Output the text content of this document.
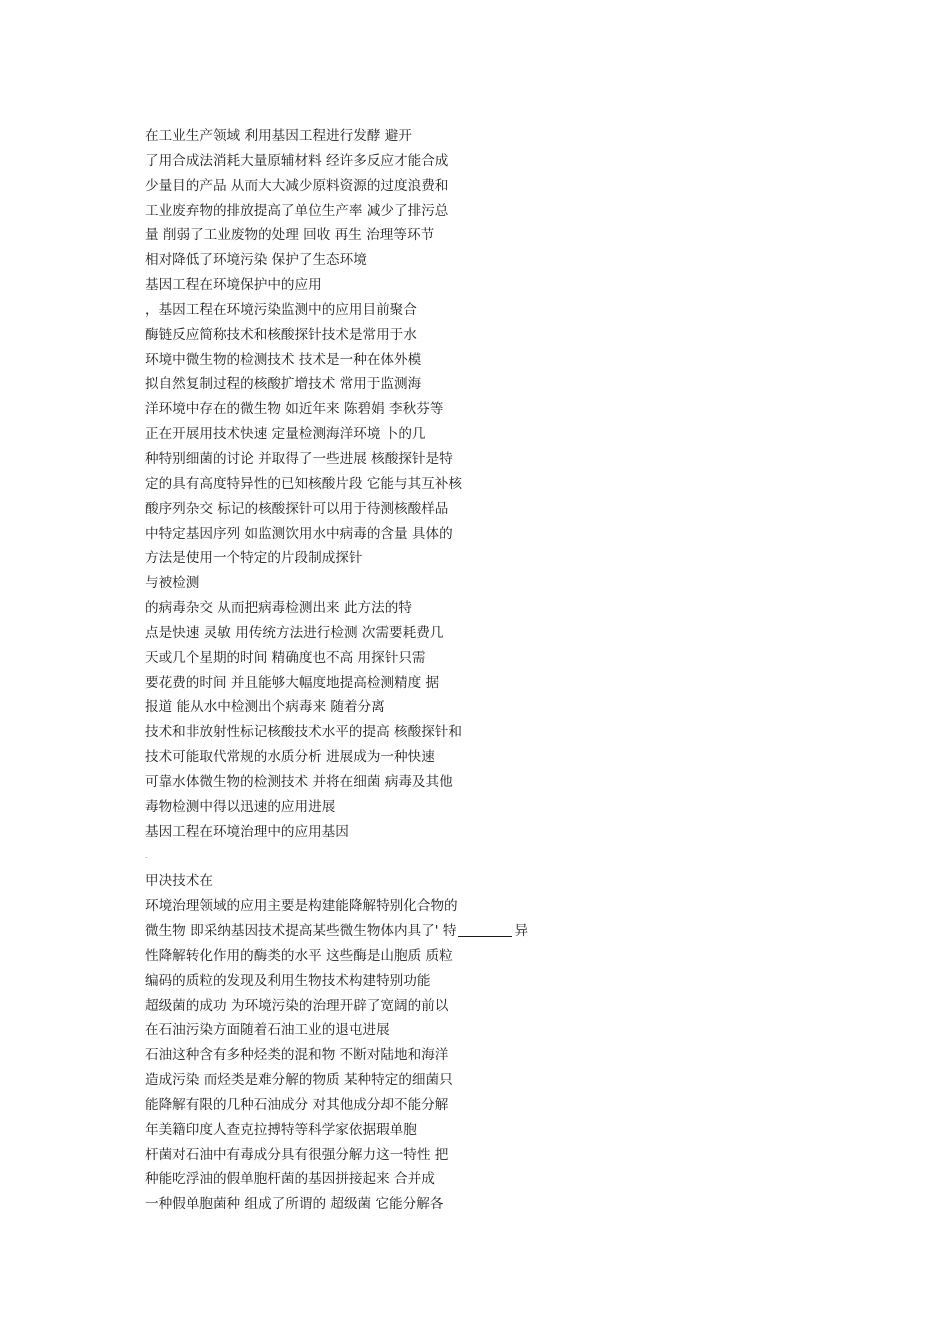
在工业生产领域 利用基因工程进行发酵 避开
了用合成法消耗大量原辅材料 经许多反应才能合成
少量目的产品 从而大大减少原料资源的过度浪费和
工业废弃物的排放提高了单位生产率 减少了排污总
量 削弱了工业废物的处理 回收 再生 治理等环节
相对降低了环境污染 保护了生态环境
基因工程在环境保护中的应用
，基因工程在环境污染监测中的应用目前聚合
酶链反应简称技术和核酸探针技术是常用于水
环境中微生物的检测技术 技术是一种在体外模
拟自然复制过程的核酸扩增技术 常用于监测海
洋环境中存在的微生物 如近年来 陈碧娟 李秋芬等
正在开展用技术快速 定量检测海洋环境 卜的几
种特别细菌的讨论 并取得了一些进展 核酸探针是特
定的具有高度特异性的已知核酸片段 它能与其互补核
酸序列杂交 标记的核酸探针可以用于待测核酸样品
中特定基因序列 如监测饮用水中病毒的含量 具体的
方法是使用一个特定的片段制成探针
与被检测
的病毒杂交 从而把病毒检测出来 此方法的特
点是快速 灵敏 用传统方法进行检测 次需要耗费几
天或几个星期的时间 精确度也不高 用探针只需
要花费的时间 并且能够大幅度地提高检测精度 据
报道 能从水中检测出个病毒来 随着分离
技术和非放射性标记核酸技术水平的提高 核酸探针和
技术可能取代常规的水质分析 进展成为一种快速
可靠水体微生物的检测技术 并将在细菌 病毒及其他
毒物检测中得以迅速的应用进展
基因工程在环境治理中的应用基因
.
甲决技术在
环境治理领域的应用主要是构建能降解特别化合物的
微生物 即采纳基因技术提高某些微生物体内具了' 特	异
性降解转化作用的酶类的水平 这些酶是山胞质 质粒
编码的质粒的发现及利用生物技术构建特别功能
超级菌的成功 为环境污染的治理开辟了宽阔的前以
在石油污染方面随着石油工业的退屯进展
石油这种含有多种烃类的混和物 不断对陆地和海洋
造成污染 而烃类是难分解的物质 某种特定的细菌只
能降解有限的几种石油成分 对其他成分却不能分解
年美籍印度人查克拉搏特等科学家依据瑕单胞
杆菌对石油中有毒成分具有很强分解力这一特性 把
种能吃浮油的假单胞杆菌的基因拼接起来 合并成
一种假单胞菌种 组成了所谓的 超级菌 它能分解各
